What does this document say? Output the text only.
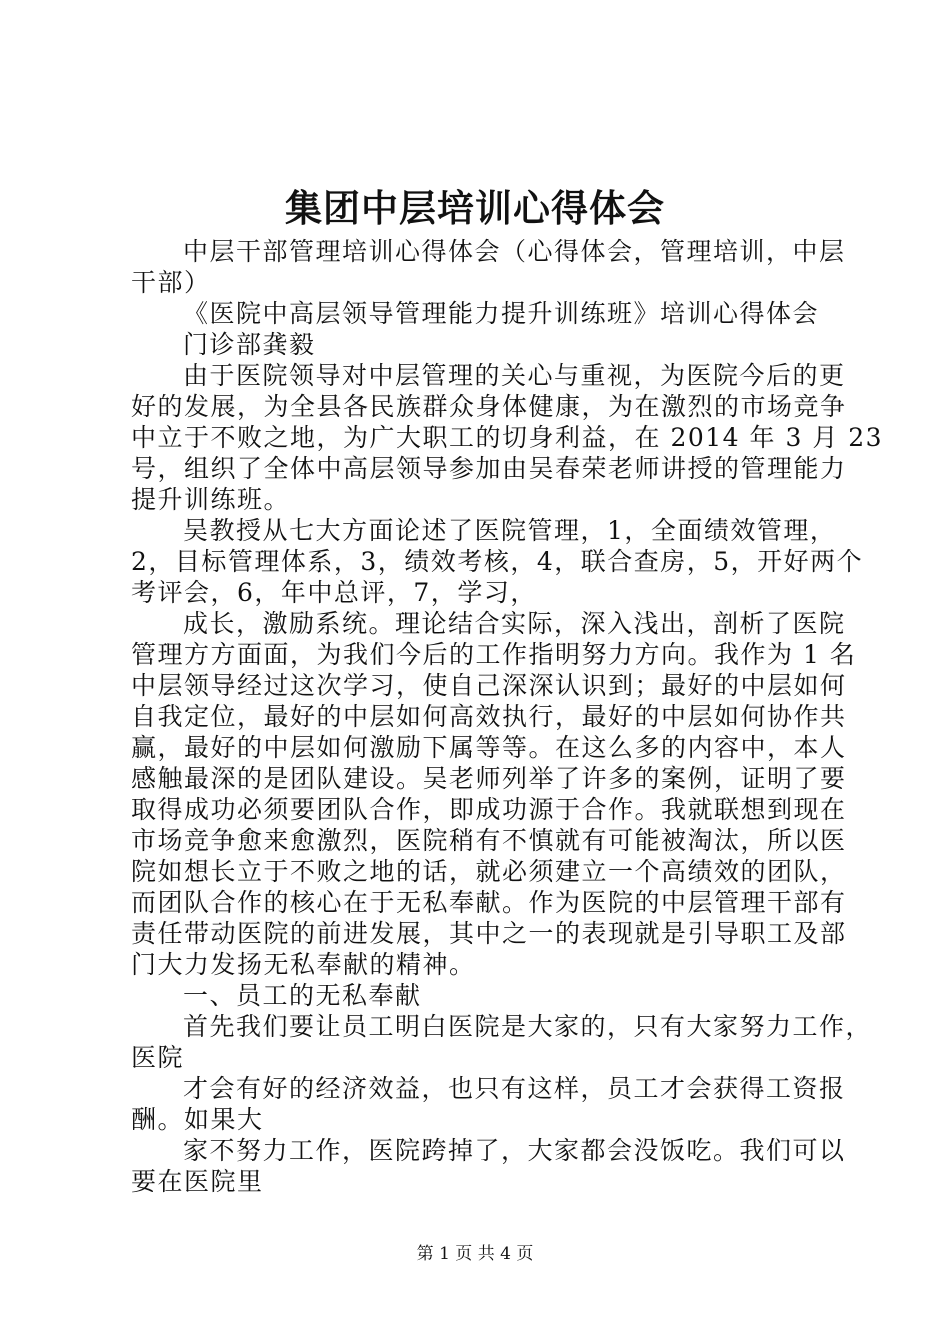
集团中层培训心得体会
中层干部管理培训心得体会（心得体会，管理培训，中层
干部）
《医院中高层领导管理能力提升训练班》培训心得体会
门诊部龚毅
由于医院领导对中层管理的关心与重视，为医院今后的更
好的发展，为全县各民族群众身体健康，为在激烈的市场竞争
中立于不败之地，为广大职工的切身利益，在 2014 年 3 月 23
号，组织了全体中高层领导参加由吴春荣老师讲授的管理能力
提升训练班。
吴教授从七大方面论述了医院管理，1，全面绩效管理，
2，目标管理体系，3，绩效考核，4，联合查房，5，开好两个
考评会，6，年中总评，7，学习，
成长，激励系统。理论结合实际，深入浅出，剖析了医院
管理方方面面，为我们今后的工作指明努力方向。我作为 1 名
中层领导经过这次学习，使自己深深认识到；最好的中层如何
自我定位，最好的中层如何高效执行，最好的中层如何协作共
赢，最好的中层如何激励下属等等。在这么多的内容中，本人
感触最深的是团队建设。吴老师列举了许多的案例，证明了要
取得成功必须要团队合作，即成功源于合作。我就联想到现在
市场竞争愈来愈激烈，医院稍有不慎就有可能被淘汰，所以医
院如想长立于不败之地的话，就必须建立一个高绩效的团队，
而团队合作的核心在于无私奉献。作为医院的中层管理干部有
责任带动医院的前进发展，其中之一的表现就是引导职工及部
门大力发扬无私奉献的精神。
一、员工的无私奉献
首先我们要让员工明白医院是大家的，只有大家努力工作，
医院
才会有好的经济效益，也只有这样，员工才会获得工资报
酬。如果大
家不努力工作，医院跨掉了，大家都会没饭吃。我们可以
要在医院里
第 1 页 共 4 页
